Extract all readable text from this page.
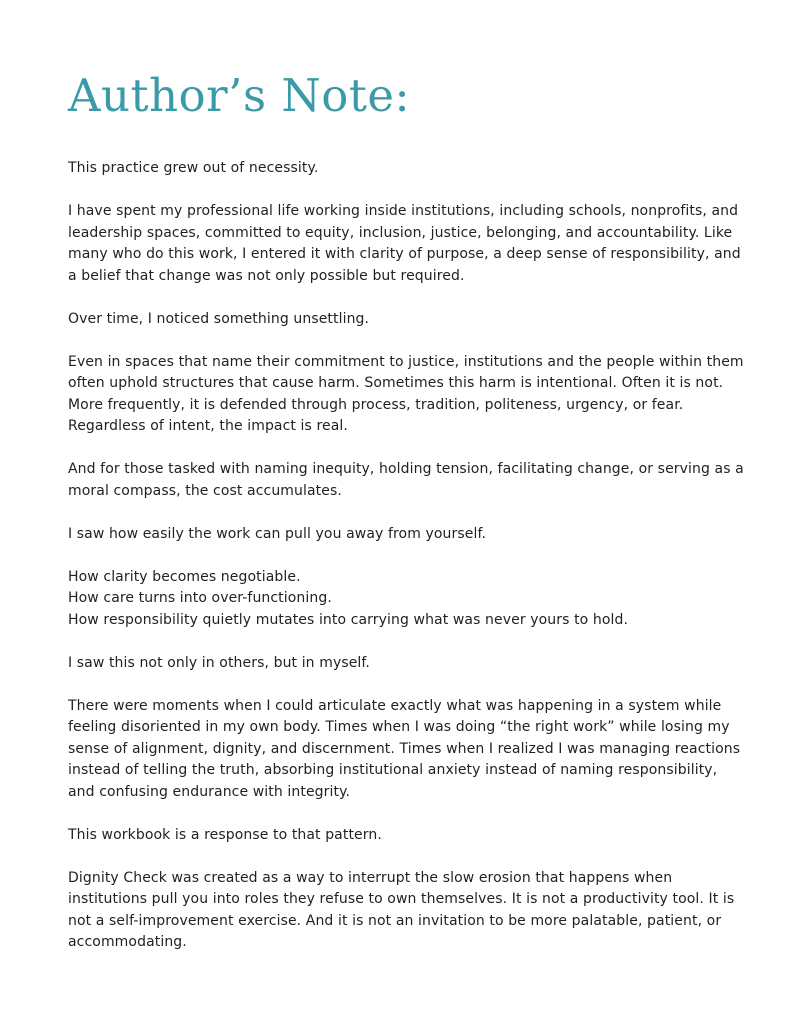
Author’s Note:

This practice grew out of necessity.

I have spent my professional life working inside institutions, including schools, nonprofits, and leadership spaces, committed to equity, inclusion, justice, belonging, and accountability. Like many who do this work, I entered it with clarity of purpose, a deep sense of responsibility, and a belief that change was not only possible but required.

Over time, I noticed something unsettling.

Even in spaces that name their commitment to justice, institutions and the people within them often uphold structures that cause harm. Sometimes this harm is intentional. Often it is not. More frequently, it is defended through process, tradition, politeness, urgency, or fear. Regardless of intent, the impact is real.

And for those tasked with naming inequity, holding tension, facilitating change, or serving as a moral compass, the cost accumulates.

I saw how easily the work can pull you away from yourself.

How clarity becomes negotiable.

How care turns into over-functioning.

How responsibility quietly mutates into carrying what was never yours to hold.

I saw this not only in others, but in myself.

There were moments when I could articulate exactly what was happening in a system while feeling disoriented in my own body. Times when I was doing “the right work” while losing my sense of alignment, dignity, and discernment. Times when I realized I was managing reactions instead of telling the truth, absorbing institutional anxiety instead of naming responsibility, and confusing endurance with integrity.

This workbook is a response to that pattern.

Dignity Check was created as a way to interrupt the slow erosion that happens when institutions pull you into roles they refuse to own themselves. It is not a productivity tool. It is not a self-improvement exercise. And it is not an invitation to be more palatable, patient, or accommodating.
